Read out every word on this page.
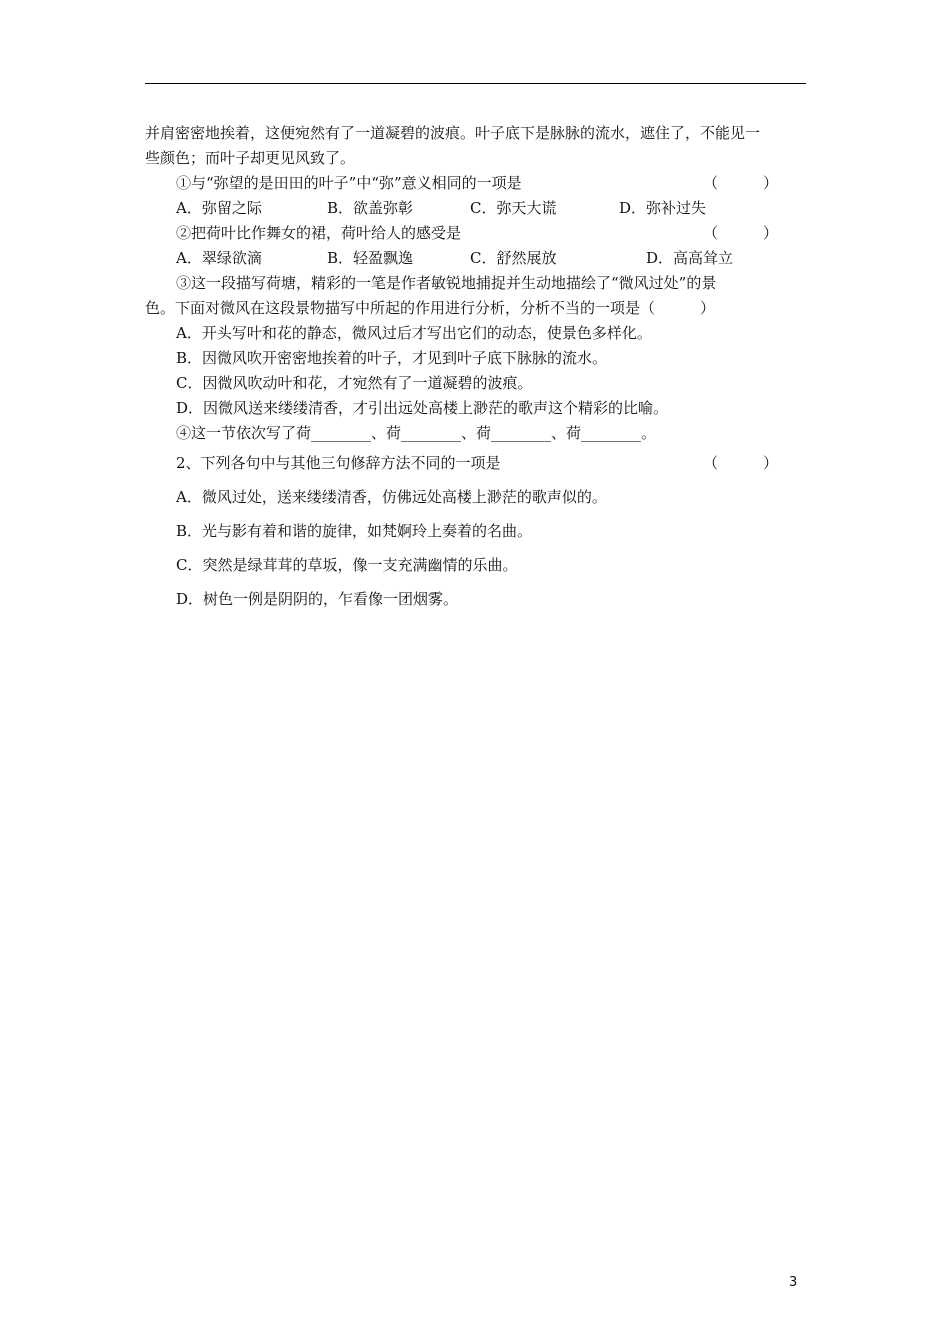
并肩密密地挨着，这便宛然有了一道凝碧的波痕。叶子底下是脉脉的流水，遮住了，不能见一
些颜色；而叶子却更见风致了。
①与“弥望的是田田的叶子”中“弥”意义相同的一项是	（　　　）
A．弥留之际	B．欲盖弥彰	C．弥天大谎	D．弥补过失
②把荷叶比作舞女的裙，荷叶给人的感受是	（　　　）
A．翠绿欲滴	B．轻盈飘逸	C．舒然展放	D．高高耸立
③这一段描写荷塘，精彩的一笔是作者敏锐地捕捉并生动地描绘了“微风过处”的景
色。下面对微风在这段景物描写中所起的作用进行分析，分析不当的一项是（　　　）
A．开头写叶和花的静态，微风过后才写出它们的动态，使景色多样化。
B．因微风吹开密密地挨着的叶子，才见到叶子底下脉脉的流水。
C．因微风吹动叶和花，才宛然有了一道凝碧的波痕。
D．因微风送来缕缕清香，才引出远处高楼上渺茫的歌声这个精彩的比喻。
④这一节依次写了荷________、荷________、荷________、荷________。
2、下列各句中与其他三句修辞方法不同的一项是	（　　　）
A．微风过处，送来缕缕清香，仿佛远处高楼上渺茫的歌声似的。
B．光与影有着和谐的旋律，如梵婀玲上奏着的名曲。
C．突然是绿茸茸的草坂，像一支充满幽情的乐曲。
D．树色一例是阴阴的，乍看像一团烟雾。
3
